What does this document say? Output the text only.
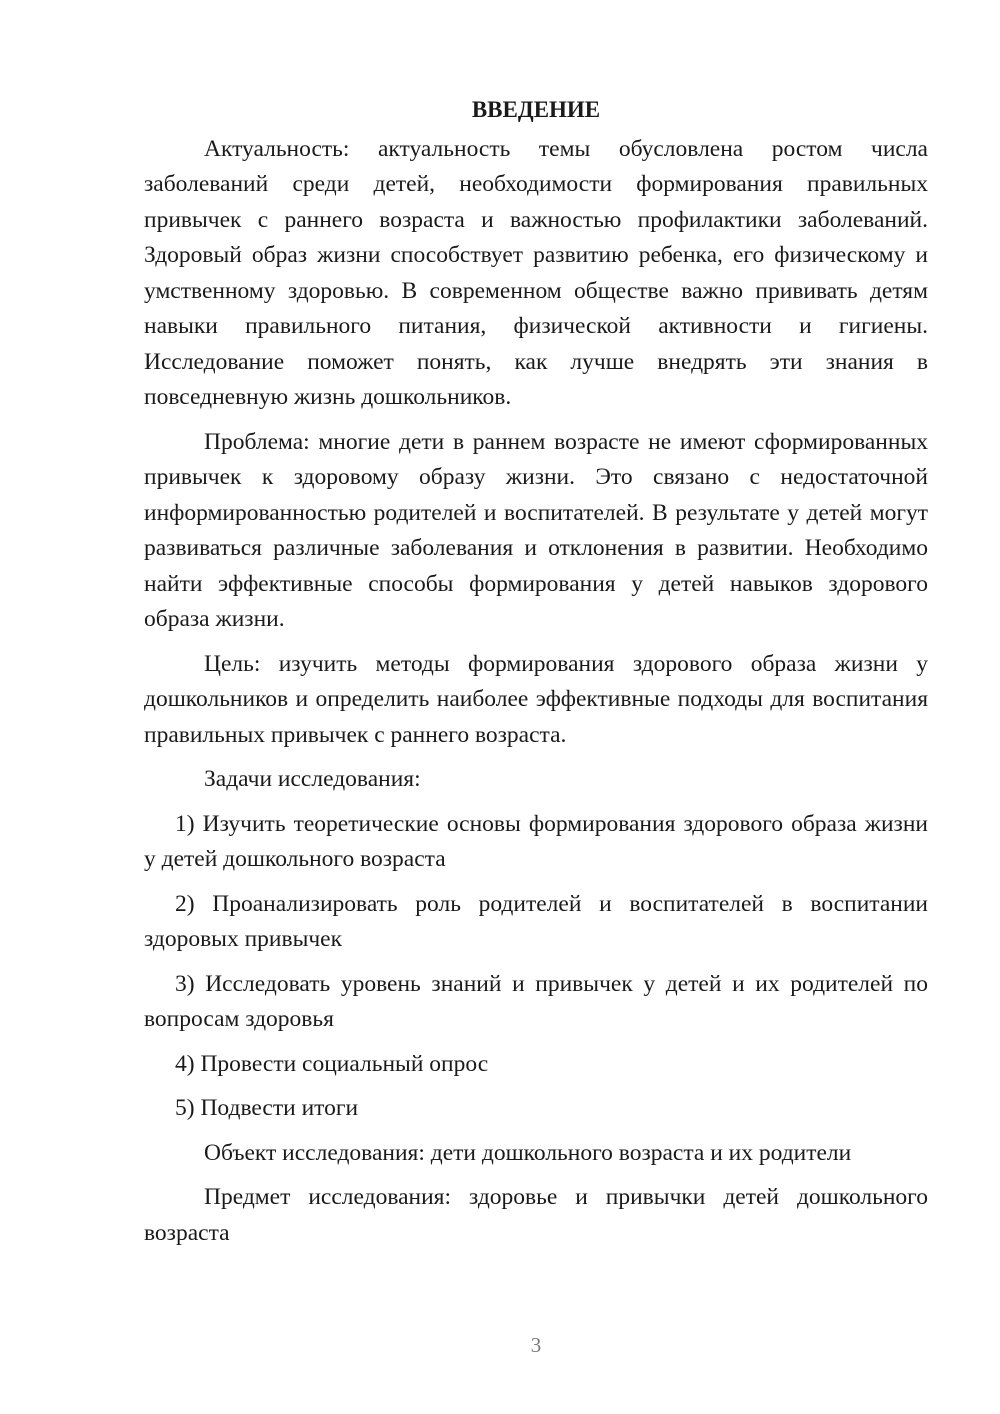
ВВЕДЕНИЕ

Актуальность: актуальность темы обусловлена ростом числа заболеваний среди детей, необходимости формирования правильных привычек с раннего возраста и важностью профилактики заболеваний. Здоровый образ жизни способствует развитию ребенка, его физическому и умственному здоровью. В современном обществе важно прививать детям навыки правильного питания, физической активности и гигиены. Исследование поможет понять, как лучше внедрять эти знания в повседневную жизнь дошкольников.

Проблема: многие дети в раннем возрасте не имеют сформированных привычек к здоровому образу жизни. Это связано с недостаточной информированностью родителей и воспитателей. В результате у детей могут развиваться различные заболевания и отклонения в развитии. Необходимо найти эффективные способы формирования у детей навыков здорового образа жизни.

Цель: изучить методы формирования здорового образа жизни у дошкольников и определить наиболее эффективные подходы для воспитания правильных привычек с раннего возраста.

Задачи исследования:

1) Изучить теоретические основы формирования здорового образа жизни у детей дошкольного возраста

2) Проанализировать роль родителей и воспитателей в воспитании здоровых привычек

3) Исследовать уровень знаний и привычек у детей и их родителей по вопросам здоровья

4) Провести социальный опрос

5) Подвести итоги

Объект исследования: дети дошкольного возраста и их родители

Предмет исследования: здоровье и привычки детей дошкольного возраста

3
